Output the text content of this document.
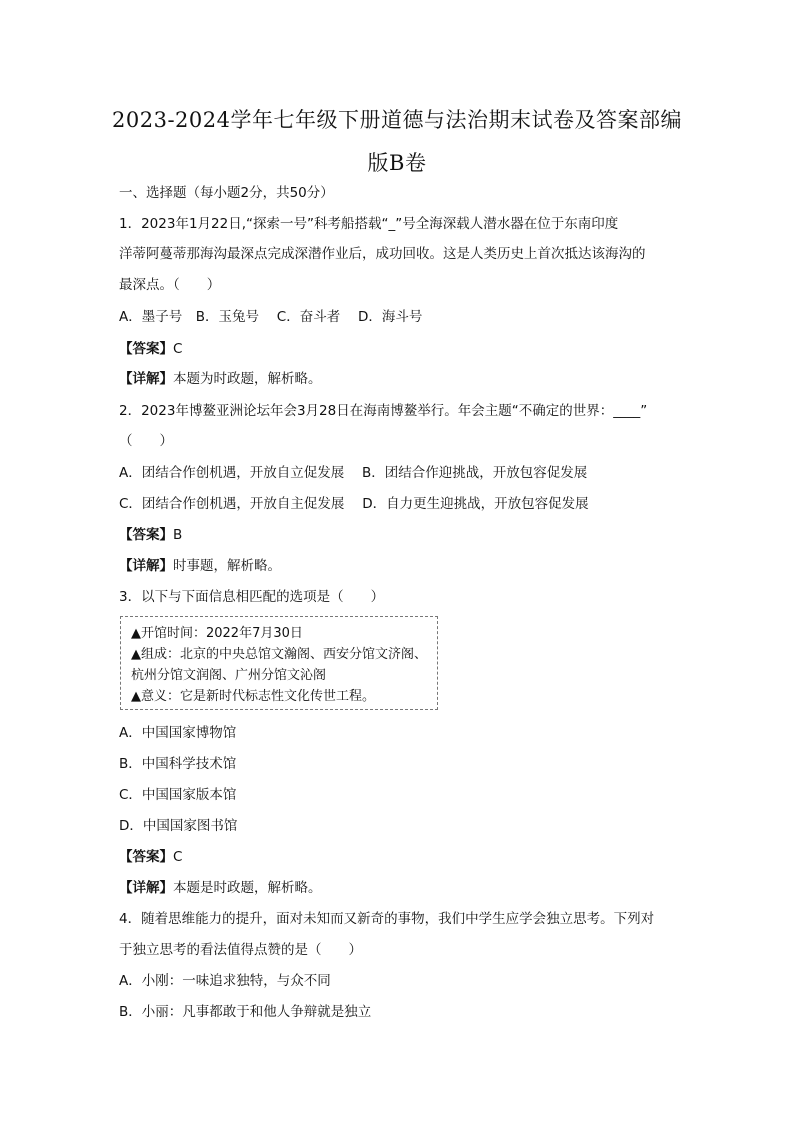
2023-2024学年七年级下册道德与法治期末试卷及答案部编
版B卷
一、选择题（每小题2分，共50分）
1．2023年1月22日,“探索一号”科考船搭载“_”号全海深载人潜水器在位于东南印度
洋蒂阿蔓蒂那海沟最深点完成深潜作业后，成功回收。这是人类历史上首次抵达该海沟的
最深点。（　　）
A．墨子号　B．玉兔号　 C．奋斗者　 D．海斗号
【答案】C
【详解】本题为时政题，解析略。
2．2023年博鳌亚洲论坛年会3月28日在海南博鳌举行。年会主题“不确定的世界：____”
（　　）
A．团结合作创机遇，开放自立促发展　 B．团结合作迎挑战，开放包容促发展
C．团结合作创机遇，开放自主促发展　 D．自力更生迎挑战，开放包容促发展
【答案】B
【详解】时事题，解析略。
3．以下与下面信息相匹配的选项是（　　）
▲开馆时间：2022年7月30日
▲组成：北京的中央总馆文瀚阁、西安分馆文济阁、
杭州分馆文润阁、广州分馆文沁阁
▲意义：它是新时代标志性文化传世工程。
A．中国国家博物馆
B．中国科学技术馆
C．中国国家版本馆
D．中国国家图书馆
【答案】C
【详解】本题是时政题，解析略。
4．随着思维能力的提升，面对未知而又新奇的事物，我们中学生应学会独立思考。下列对
于独立思考的看法值得点赞的是（　　）
A．小刚：一味追求独特，与众不同
B．小丽：凡事都敢于和他人争辩就是独立
